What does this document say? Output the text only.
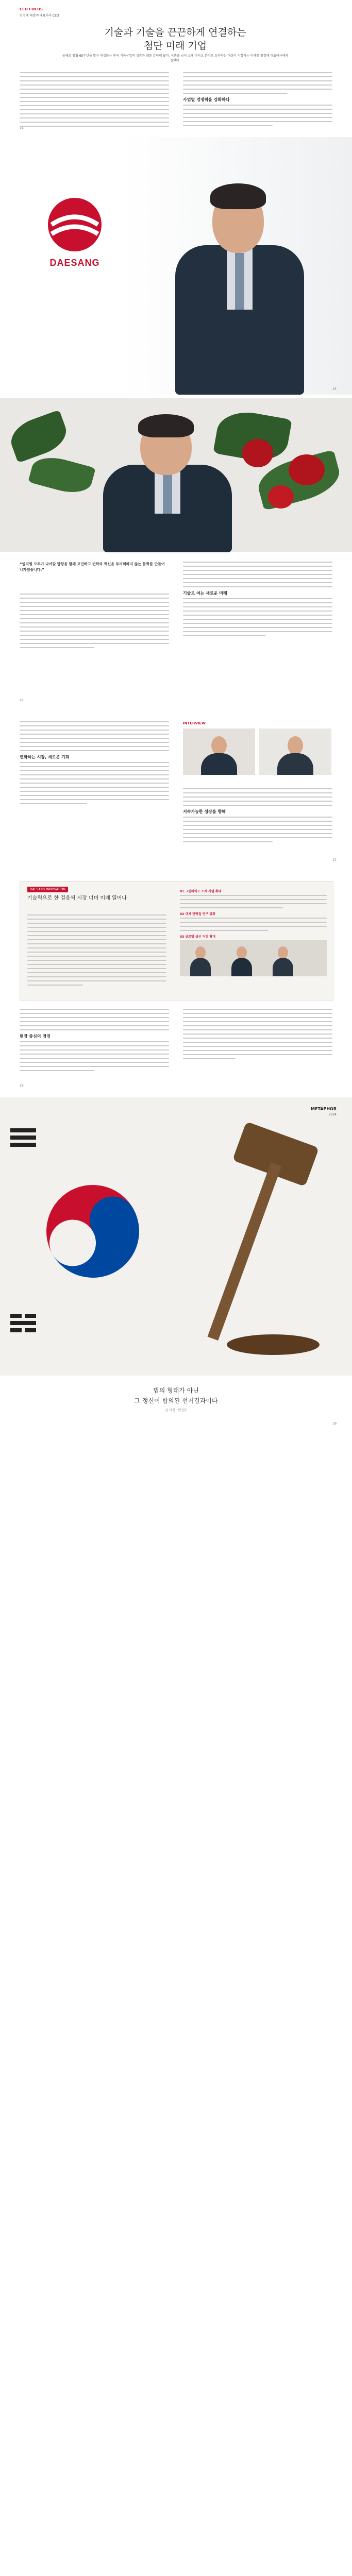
CEO FOCUS
임정배 대상㈜ 대표이사 CEO
기술과 기술을 끈끈하게 연결하는
첨단 미래 기업
올해로 창립 65주년을 맞은 대상㈜는 한국 식품산업의 성장과 궤를 같이해 왔다. 식품을 넘어 소재·바이오 분야로 도약하는 대상이 지향하는 미래를 임정배 대표이사에게 들었다.
사업별 경쟁력을 강화하다
24
DAESANG
25
“임직원 모두가 나아갈 방향을 함께 고민하고 변화와 혁신을 두려워하지 않는 문화를 만들어 나가겠습니다.”
기술로 여는 새로운 미래
26
변화하는 시장, 새로운 기회
INTERVIEW
지속가능한 성장을 향해
27
DAESANG INNOVATION
기술력으로 한 걸음씩 시장 너머 미래 열어나
01 그린바이오 소재 사업 확대
02 대체 단백질 연구 강화
03 글로벌 생산 거점 확대
현장 중심의 경영
28
METAPHOR
2024
법의 형태가 아닌
그 정신이 합의된 선거결과이다
글 사진 · 편집부
29
